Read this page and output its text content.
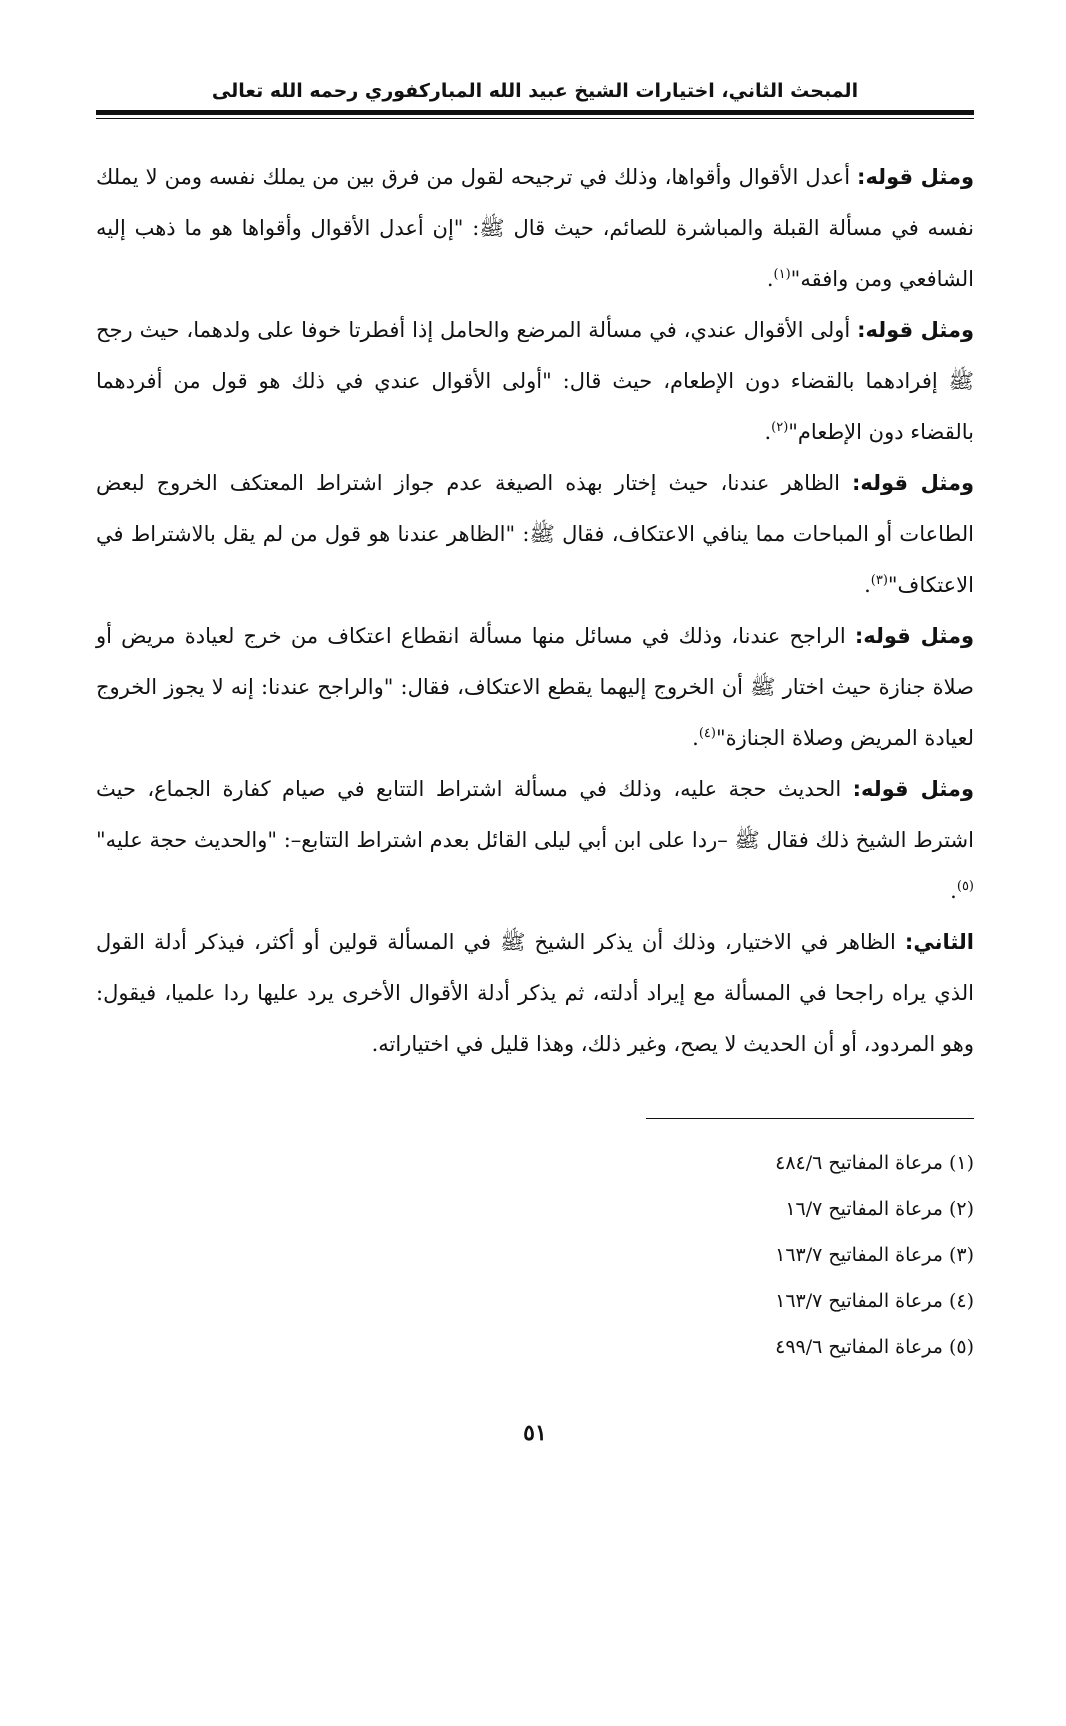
المبحث الثاني، اختيارات الشيخ عبيد الله المباركفوري رحمه الله تعالى

ومثل قوله: أعدل الأقوال وأقواها، وذلك في ترجيحه لقول من فرق بين من يملك نفسه ومن لا يملك نفسه في مسألة القبلة والمباشرة للصائم، حيث قال ﷺ: "إن أعدل الأقوال وأقواها هو ما ذهب إليه الشافعي ومن وافقه"$^{(١)}$.

ومثل قوله: أولى الأقوال عندي، في مسألة المرضع والحامل إذا أفطرتا خوفا على ولدهما، حيث رجح ﷺ إفرادهما بالقضاء دون الإطعام، حيث قال: "أولى الأقوال عندي في ذلك هو قول من أفردهما بالقضاء دون الإطعام"$^{(٢)}$.

ومثل قوله: الظاهر عندنا، حيث إختار بهذه الصيغة عدم جواز اشتراط المعتكف الخروج لبعض الطاعات أو المباحات مما ينافي الاعتكاف، فقال ﷺ: "الظاهر عندنا هو قول من لم يقل بالاشتراط في الاعتكاف"$^{(٣)}$.

ومثل قوله: الراجح عندنا، وذلك في مسائل منها مسألة انقطاع اعتكاف من خرج لعيادة مريض أو صلاة جنازة حيث اختار ﷺ أن الخروج إليهما يقطع الاعتكاف، فقال: "والراجح عندنا: إنه لا يجوز الخروج لعيادة المريض وصلاة الجنازة"$^{(٤)}$.

ومثل قوله: الحديث حجة عليه، وذلك في مسألة اشتراط التتابع في صيام كفارة الجماع، حيث اشترط الشيخ ذلك فقال ﷺ –ردا على ابن أبي ليلى القائل بعدم اشتراط التتابع–: "والحديث حجة عليه"$^{(٥)}$.

الثاني: الظاهر في الاختيار، وذلك أن يذكر الشيخ ﷺ في المسألة قولين أو أكثر، فيذكر أدلة القول الذي يراه راجحا في المسألة مع إيراد أدلته، ثم يذكر أدلة الأقوال الأخرى يرد عليها ردا علميا، فيقول: وهو المردود، أو أن الحديث لا يصح، وغير ذلك، وهذا قليل في اختياراته.

(١) مرعاة المفاتيح ٤٨٤/٦
(٢) مرعاة المفاتيح ١٦/٧
(٣) مرعاة المفاتيح ١٦٣/٧
(٤) مرعاة المفاتيح ١٦٣/٧
(٥) مرعاة المفاتيح ٤٩٩/٦
٥١
